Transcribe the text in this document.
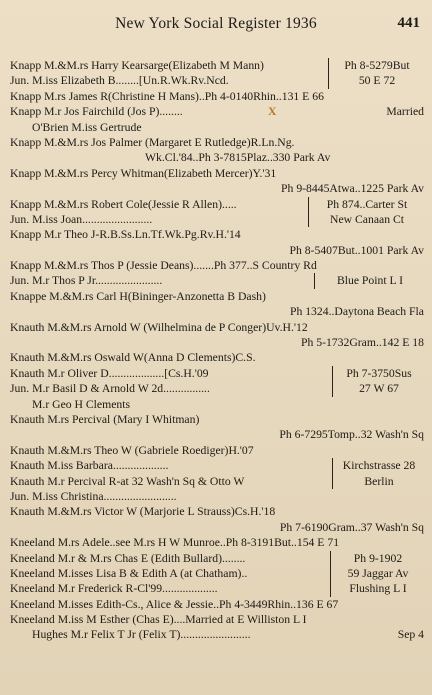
New York Social Register 1936	441
Knapp M.&M.rs Harry Kearsarge(Elizabeth M Mann)	Ph 8-5279But
Jun. M.iss Elizabeth B........[Un.R.Wk.Rv.Ncd.	50 E 72
Knapp M.rs James R(Christine H Mans)..Ph 4-0140Rhin..131 E 66
Knapp M.r Jos Fairchild (Jos P)........	X	Married
O'Brien M.iss Gertrude
Knapp M.&M.rs Jos Palmer (Margaret E Rutledge)R.Ln.Ng.
Wk.Cl.'84..Ph 3-7815Plaz..330 Park Av
Knapp M.&M.rs Percy Whitman(Elizabeth Mercer)Y.'31
Ph 9-8445Atwa..1225 Park Av
Knapp M.&M.rs Robert Cole(Jessie R Allen).....	Ph 874..Carter St
Jun. M.iss Joan........................	New Canaan Ct
Knapp M.r Theo J-R.B.Ss.Ln.Tf.Wk.Pg.Rv.H.'14
Ph 8-5407But..1001 Park Av
Knapp M.&M.rs Thos P (Jessie Deans).......Ph 377..S Country Rd
Jun. M.r Thos P Jr.......................	Blue Point L I
Knappe M.&M.rs Carl H(Bininger-Anzonetta B Dash)
Ph 1324..Daytona Beach Fla
Knauth M.&M.rs Arnold W (Wilhelmina de P Conger)Uv.H.'12
Ph 5-1732Gram..142 E 18
Knauth M.&M.rs Oswald W(Anna D Clements)C.S.
Knauth M.r Oliver D...................[Cs.H.'09	Ph 7-3750Sus
Jun. M.r Basil D & Arnold W 2d................	27 W 67
M.r Geo H Clements
Knauth M.rs Percival (Mary I Whitman)
Ph 6-7295Tomp..32 Wash'n Sq
Knauth M.&M.rs Theo W (Gabriele Roediger)H.'07
Knauth M.iss Barbara...................	Kirchstrasse 28
Knauth M.r Percival R-at 32 Wash'n Sq & Otto W	Berlin
Jun. M.iss Christina.........................
Knauth M.&M.rs Victor W (Marjorie L Strauss)Cs.H.'18
Ph 7-6190Gram..37 Wash'n Sq
Kneeland M.rs Adele..see M.rs H W Munroe..Ph 8-3191But..154 E 71
Kneeland M.r & M.rs Chas E (Edith Bullard)........	Ph 9-1902
Kneeland M.isses Lisa B & Edith A (at Chatham)..	59 Jaggar Av
Kneeland M.r Frederick R-Cl'99...................	Flushing L I
Kneeland M.isses Edith-Cs., Alice & Jessie..Ph 4-3449Rhin..136 E 67
Kneeland M.iss M Esther (Chas E)....Married at E Williston L I
Hughes M.r Felix T Jr (Felix T)........................	Sep 4
